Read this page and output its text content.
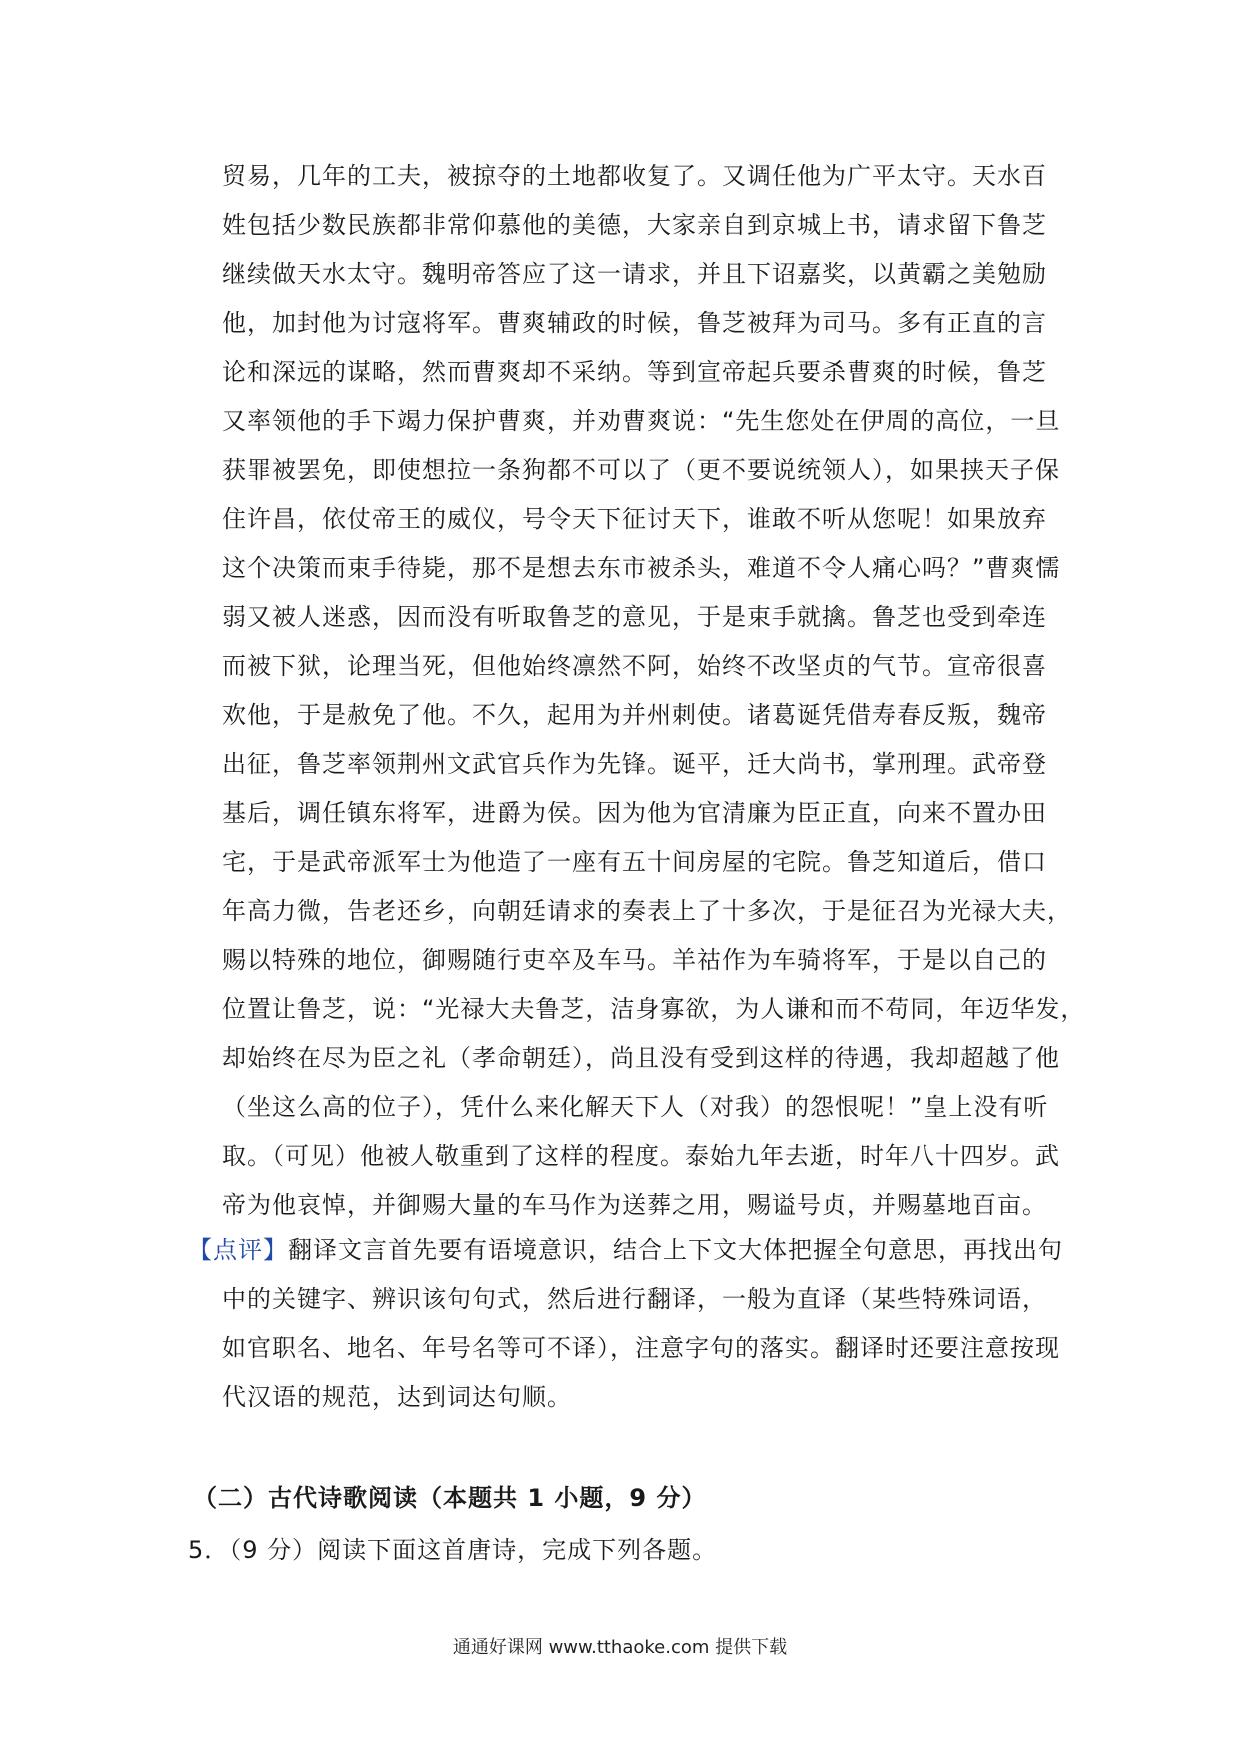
贸易，几年的工夫，被掠夺的土地都收复了。又调任他为广平太守。天水百
姓包括少数民族都非常仰慕他的美德，大家亲自到京城上书，请求留下鲁芝
继续做天水太守。魏明帝答应了这一请求，并且下诏嘉奖，以黄霸之美勉励
他，加封他为讨寇将军。曹爽辅政的时候，鲁芝被拜为司马。多有正直的言
论和深远的谋略，然而曹爽却不采纳。等到宣帝起兵要杀曹爽的时候，鲁芝
又率领他的手下竭力保护曹爽，并劝曹爽说：“先生您处在伊周的高位，一旦
获罪被罢免，即使想拉一条狗都不可以了（更不要说统领人），如果挟天子保
住许昌，依仗帝王的威仪，号令天下征讨天下，谁敢不听从您呢！如果放弃
这个决策而束手待毙，那不是想去东市被杀头，难道不令人痛心吗？”曹爽懦
弱又被人迷惑，因而没有听取鲁芝的意见，于是束手就擒。鲁芝也受到牵连
而被下狱，论理当死，但他始终凛然不阿，始终不改坚贞的气节。宣帝很喜
欢他，于是赦免了他。不久，起用为并州刺使。诸葛诞凭借寿春反叛，魏帝
出征，鲁芝率领荆州文武官兵作为先锋。诞平，迁大尚书，掌刑理。武帝登
基后，调任镇东将军，进爵为侯。因为他为官清廉为臣正直，向来不置办田
宅，于是武帝派军士为他造了一座有五十间房屋的宅院。鲁芝知道后，借口
年高力微，告老还乡，向朝廷请求的奏表上了十多次，于是征召为光禄大夫，
赐以特殊的地位，御赐随行吏卒及车马。羊祜作为车骑将军，于是以自己的
位置让鲁芝，说：“光禄大夫鲁芝，洁身寡欲，为人谦和而不苟同，年迈华发，
却始终在尽为臣之礼（孝命朝廷），尚且没有受到这样的待遇，我却超越了他
（坐这么高的位子），凭什么来化解天下人（对我）的怨恨呢！”皇上没有听
取。（可见）他被人敬重到了这样的程度。泰始九年去逝，时年八十四岁。武
帝为他哀悼，并御赐大量的车马作为送葬之用，赐谥号贞，并赐墓地百亩。
【点评】翻译文言首先要有语境意识，结合上下文大体把握全句意思，再找出句
中的关键字、辨识该句句式，然后进行翻译，一般为直译（某些特殊词语，
如官职名、地名、年号名等可不译），注意字句的落实。翻译时还要注意按现
代汉语的规范，达到词达句顺。
（二）古代诗歌阅读（本题共 1 小题，9 分）
5．（9 分）阅读下面这首唐诗，完成下列各题。
通通好课网 www.tthaoke.com 提供下载
